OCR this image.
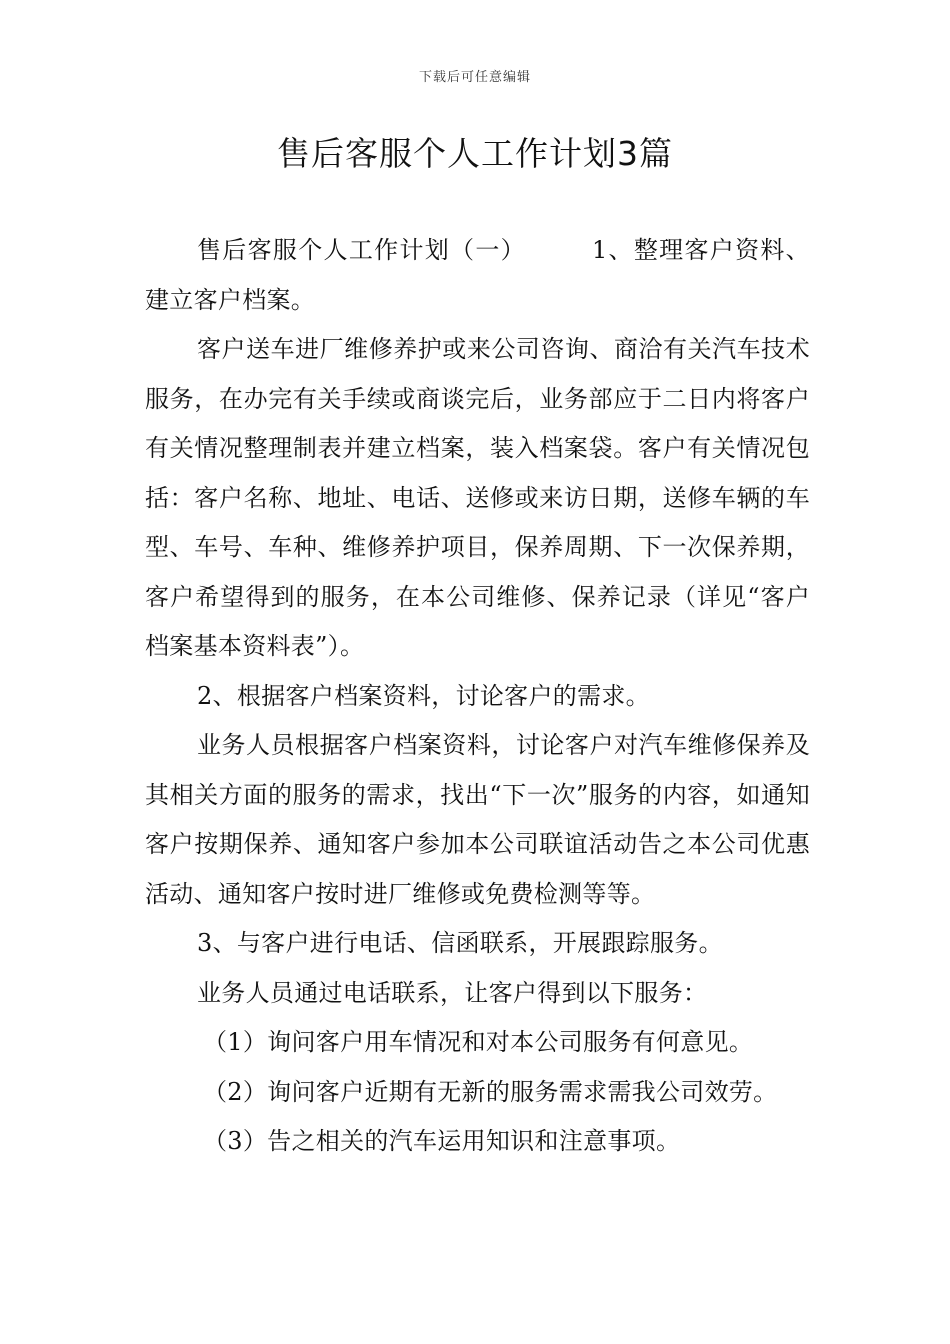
下载后可任意编辑
售后客服个人工作计划3篇

售后客服个人工作计划（一）	1、整理客户资料、建立客户档案。

客户送车进厂维修养护或来公司咨询、商洽有关汽车技术服务，在办完有关手续或商谈完后，业务部应于二日内将客户有关情况整理制表并建立档案，装入档案袋。客户有关情况包括：客户名称、地址、电话、送修或来访日期，送修车辆的车型、车号、车种、维修养护项目，保养周期、下一次保养期，客户希望得到的服务，在本公司维修、保养记录（详见“客户档案基本资料表”）。

2、根据客户档案资料，讨论客户的需求。

业务人员根据客户档案资料，讨论客户对汽车维修保养及其相关方面的服务的需求，找出“下一次”服务的内容，如通知客户按期保养、通知客户参加本公司联谊活动告之本公司优惠活动、通知客户按时进厂维修或免费检测等等。

3、与客户进行电话、信函联系，开展跟踪服务。

业务人员通过电话联系，让客户得到以下服务：

（1）询问客户用车情况和对本公司服务有何意见。

（2）询问客户近期有无新的服务需求需我公司效劳。

（3）告之相关的汽车运用知识和注意事项。
